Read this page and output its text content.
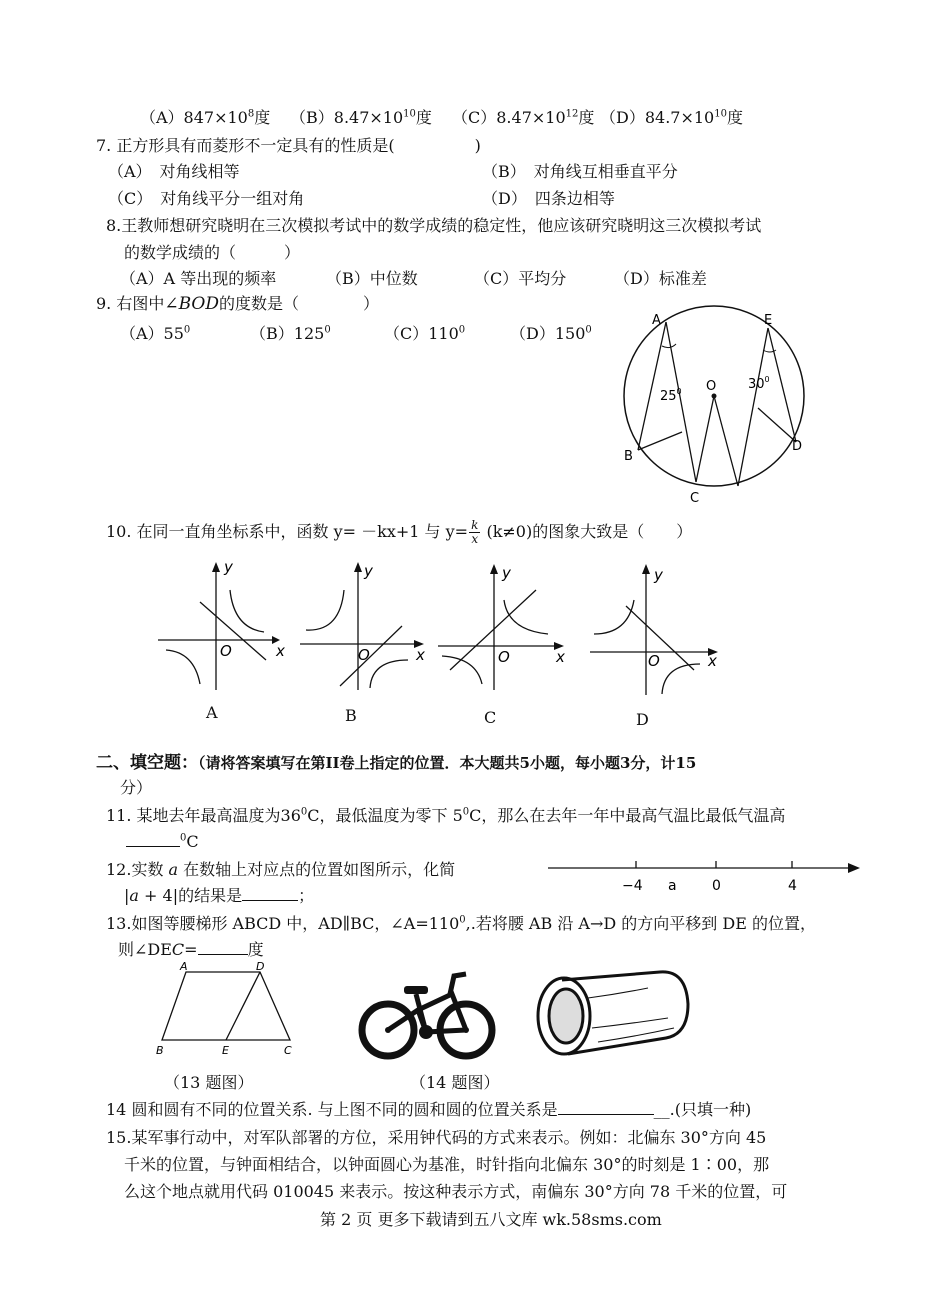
$(A)847\times 10^8$度 $(B)8.47\times 10^{10}$度 $(C)8.47\times 10^{12}$度 $(D)84.7\times 10^{10}$度
7. 正方形具有而菱形不一定具有的性质是(　　　　　)
（A）　对角线相等	（B）　对角线互相垂直平分
（C）　对角线平分一组对角	（D）　四条边相等
8.王教师想研究晓明在三次模拟考试中的数学成绩的稳定性，他应该研究晓明这三次模拟考试
的数学成绩的（　　　）
（A）A 等出现的频率	（B）中位数	（C）平均分	（D）标准差
9. 右图中∠BOD的度数是（　　　　）
$(A)55^0$	$(B)125^0$	$(C)110^0$	$(D)150^0$
A	E
O
B
D
C
$25^0$	$30^0$
10. 在同一直角坐标系中，函数 y= －kx+1 与 $y= \frac{k}{x} (k\ne 0)$的图象大致是（　　）
y
x
O
A
y
x
O
B
y
x
O
C
y
x
O
D
二、填空题：（请将答案填写在第II卷上指定的位置．本大题共5小题，每小题3分，计15
分）
11. 某地去年最高温度为$36^0C$，最低温度为零下 $5^0C$，那么在去年一年中最高气温比最低气温高
$^0$C
12.实数 a 在数轴上对应点的位置如图所示，化简
|a + 4|的结果是	；	−4 a	0	4
13.如图等腰梯形 ABCD 中，AD∥BC，$\angle A=110^0$,.若将腰 AB 沿 A→D 的方向平移到 DE 的位置，
则∠DEC=	度
A	D
B	E	C
（13 题图）	（14 题图）
14 圆和圆有不同的位置关系. 与上图不同的圆和圆的位置关系是	__.(只填一种)
15.某军事行动中，对军队部署的方位，采用钟代码的方式来表示。例如：北偏东 30°方向 45
千米的位置，与钟面相结合，以钟面圆心为基准，时针指向北偏东 30°的时刻是 1∶00，那
么这个地点就用代码 010045 来表示。按这种表示方式，南偏东 30°方向 78 千米的位置，可
第 2 页 更多下载请到五八文库 wk.58sms.com
